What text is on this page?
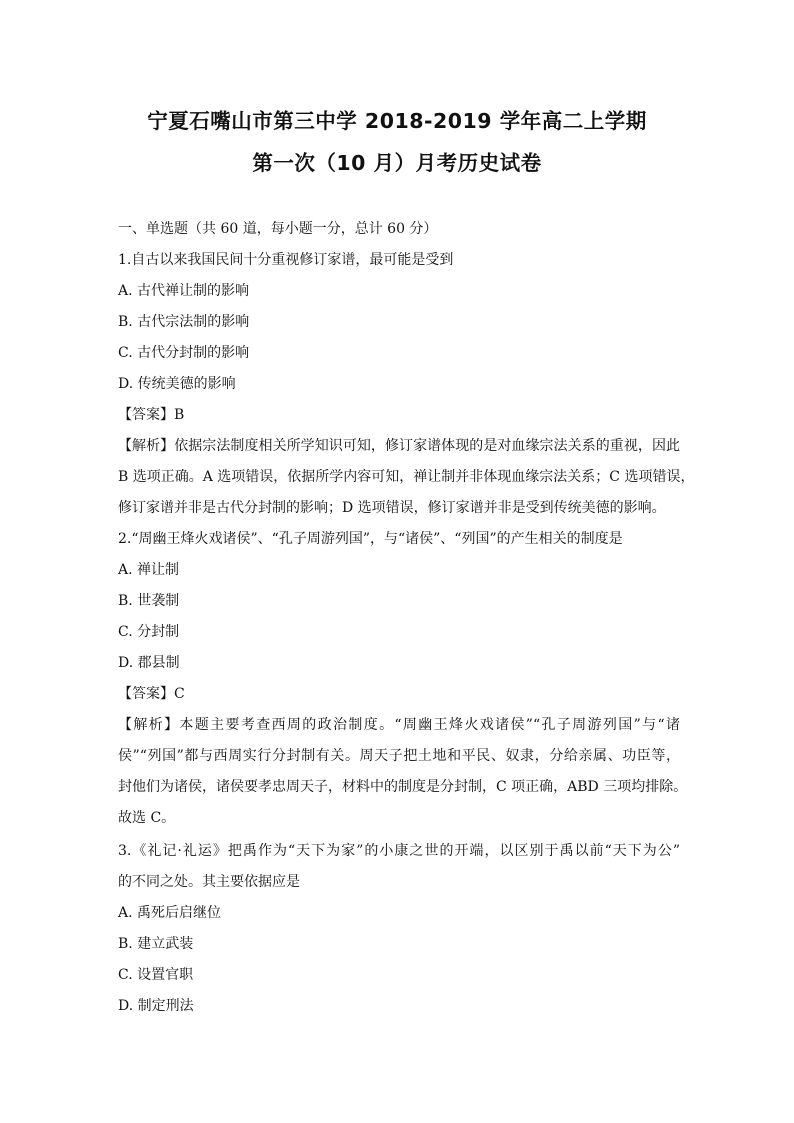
宁夏石嘴山市第三中学 2018-2019 学年高二上学期
第一次（10 月）月考历史试卷
一、单选题（共 60 道，每小题一分，总计 60 分）
1.自古以来我国民间十分重视修订家谱，最可能是受到
A. 古代禅让制的影响
B. 古代宗法制的影响
C. 古代分封制的影响
D. 传统美德的影响
【答案】B
【解析】依据宗法制度相关所学知识可知，修订家谱体现的是对血缘宗法关系的重视，因此
B 选项正确。A 选项错误，依据所学内容可知，禅让制并非体现血缘宗法关系；C 选项错误，
修订家谱并非是古代分封制的影响；D 选项错误，修订家谱并非是受到传统美德的影响。
2.“周幽王烽火戏诸侯”、“孔子周游列国”，与“诸侯”、“列国”的产生相关的制度是
A. 禅让制
B. 世袭制
C. 分封制
D. 郡县制
【答案】C
【解析】本题主要考查西周的政治制度。“周幽王烽火戏诸侯”“孔子周游列国”与“诸
侯”“列国”都与西周实行分封制有关。周天子把土地和平民、奴隶，分给亲属、功臣等，
封他们为诸侯，诸侯要孝忠周天子，材料中的制度是分封制，C 项正确，ABD 三项均排除。
故选 C。
3.《礼记·礼运》把禹作为“天下为家”的小康之世的开端，以区别于禹以前“天下为公”
的不同之处。其主要依据应是
A. 禹死后启继位
B. 建立武装
C. 设置官职
D. 制定刑法
